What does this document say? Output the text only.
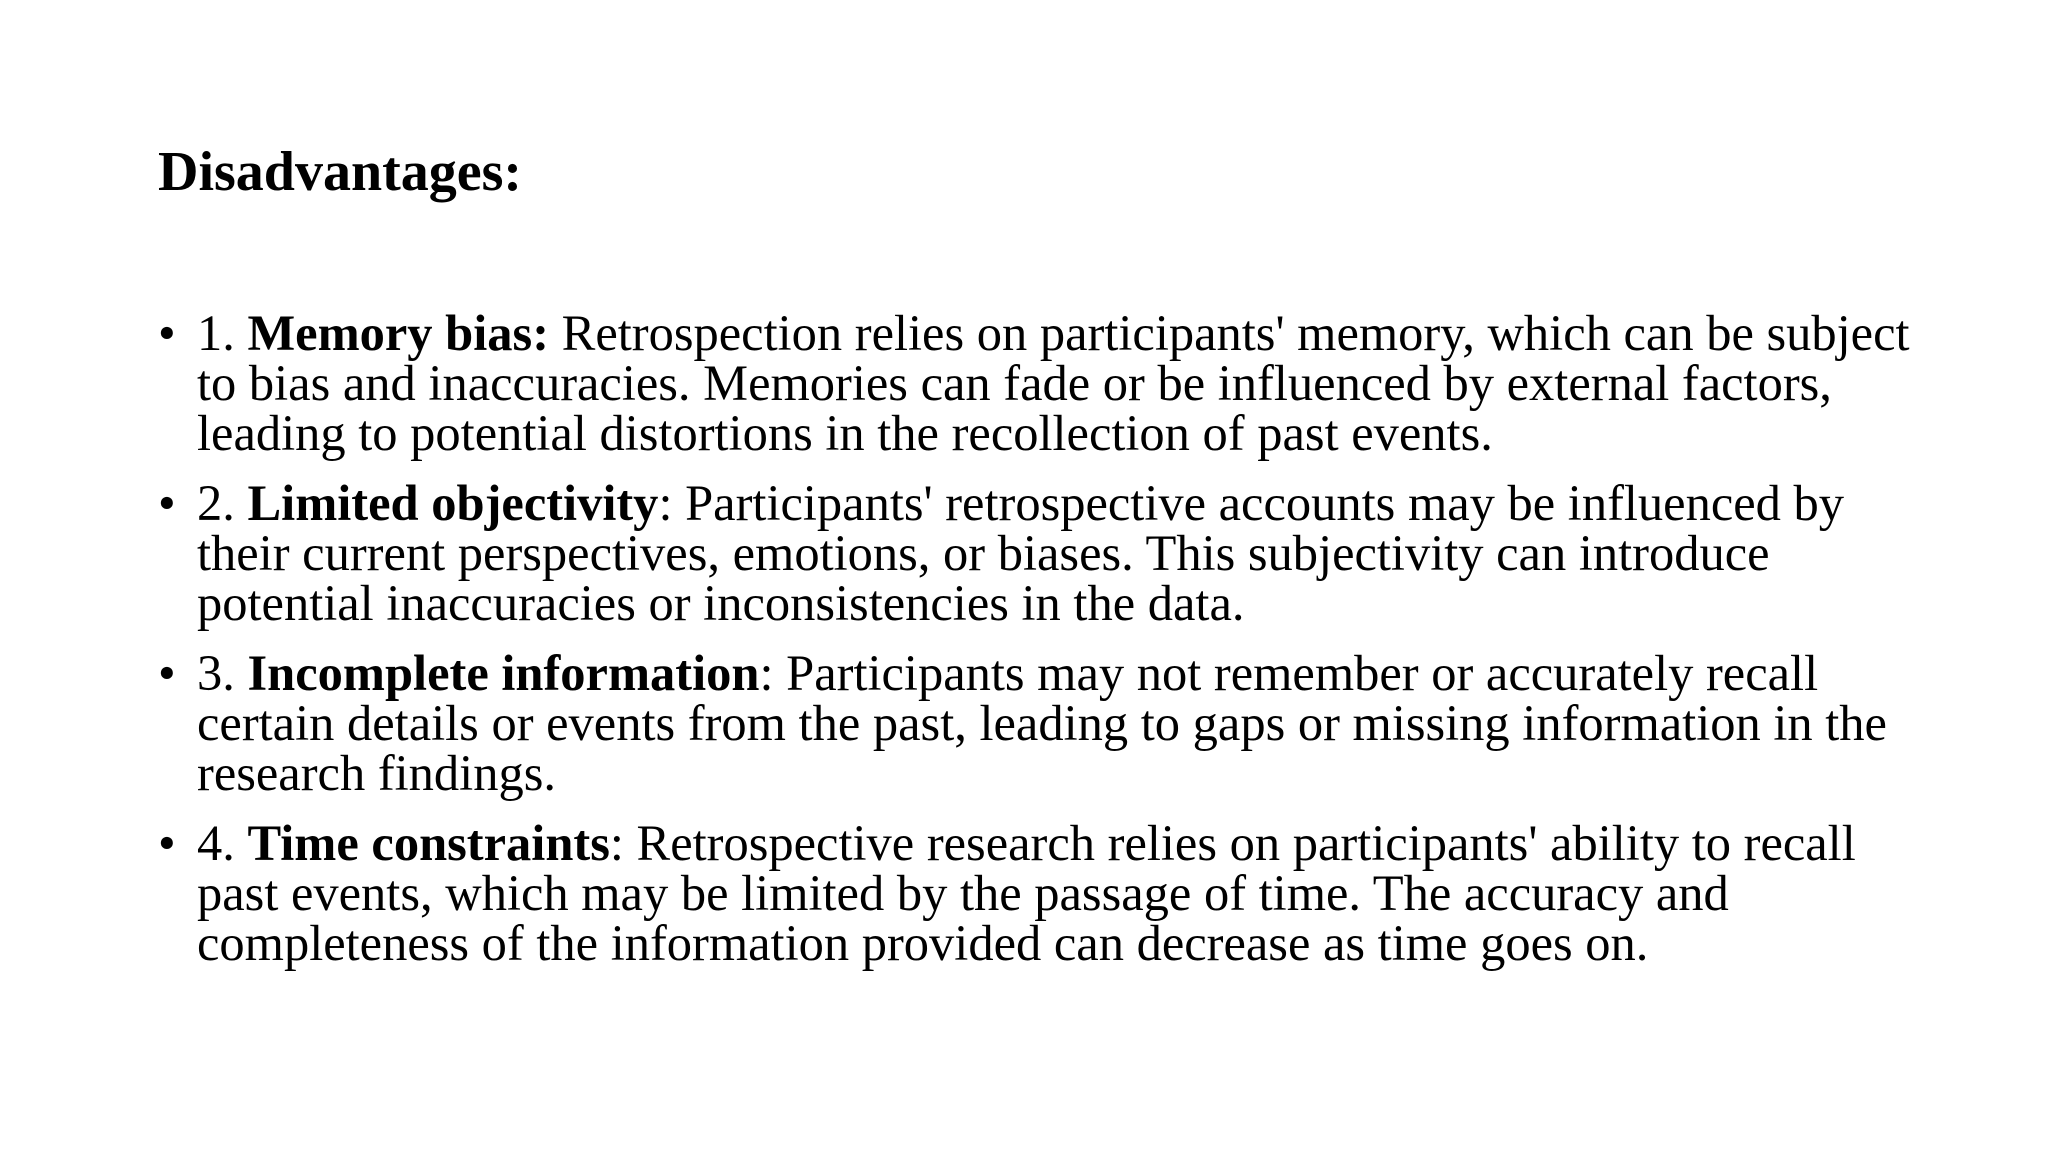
Disadvantages:
• 1. Memory bias: Retrospection relies on participants' memory, which can be subject to bias and inaccuracies. Memories can fade or be influenced by external factors, leading to potential distortions in the recollection of past events.
• 2. Limited objectivity: Participants' retrospective accounts may be influenced by their current perspectives, emotions, or biases. This subjectivity can introduce potential inaccuracies or inconsistencies in the data.
• 3. Incomplete information: Participants may not remember or accurately recall certain details or events from the past, leading to gaps or missing information in the research findings.
• 4. Time constraints: Retrospective research relies on participants' ability to recall past events, which may be limited by the passage of time. The accuracy and completeness of the information provided can decrease as time goes on.
